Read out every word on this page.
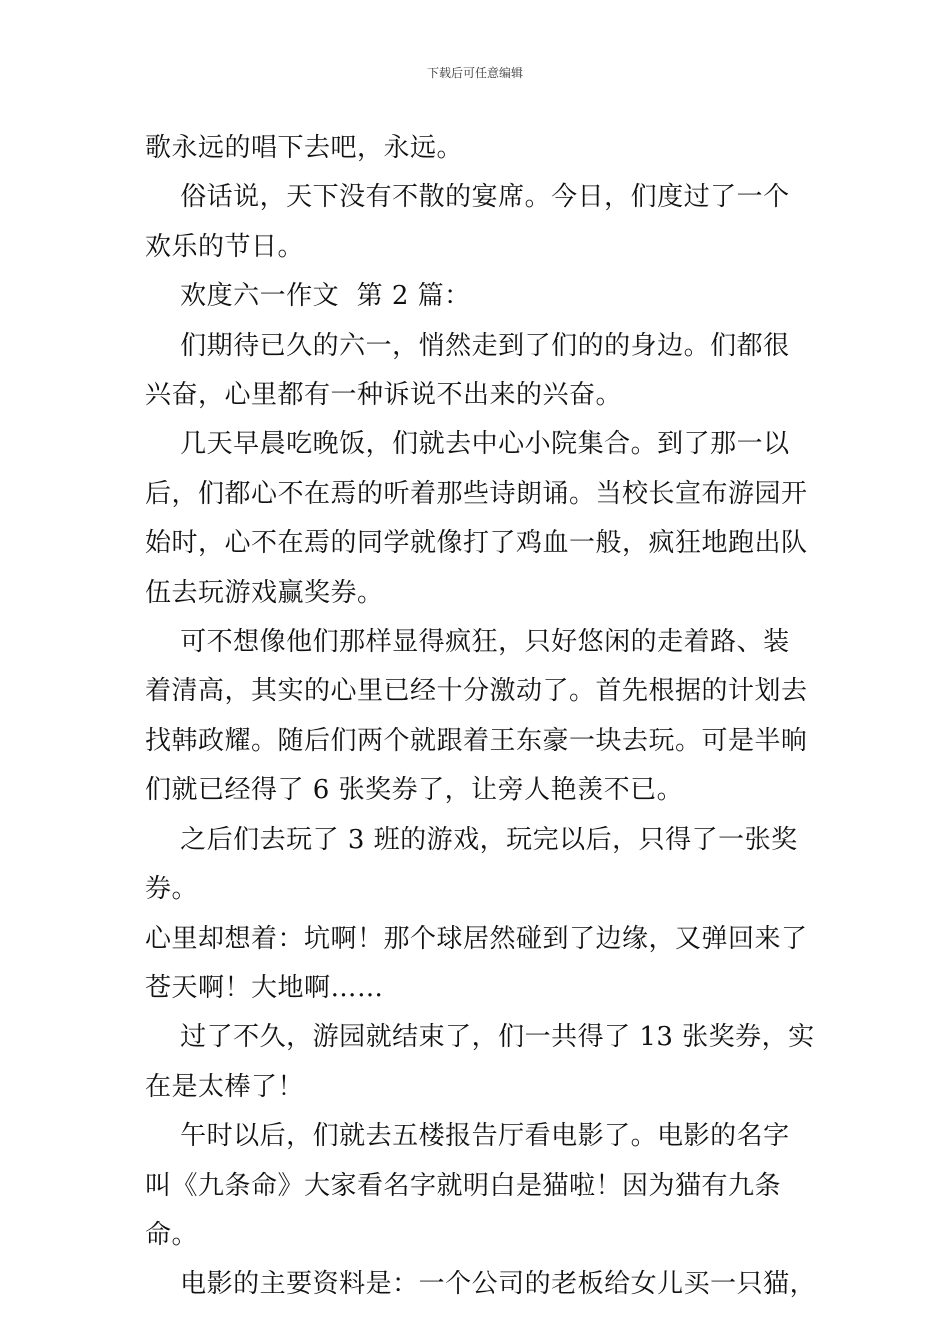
下载后可任意编辑

歌永远的唱下去吧，永远。

俗话说，天下没有不散的宴席。今日，们度过了一个
欢乐的节日。

欢度六一作文  第 2 篇：

们期待已久的六一，悄然走到了们的的身边。们都很
兴奋，心里都有一种诉说不出来的兴奋。

几天早晨吃晚饭，们就去中心小院集合。到了那一以
后，们都心不在焉的听着那些诗朗诵。当校长宣布游园开
始时，心不在焉的同学就像打了鸡血一般，疯狂地跑出队
伍去玩游戏赢奖券。

可不想像他们那样显得疯狂，只好悠闲的走着路、装
着清高，其实的心里已经十分激动了。首先根据的计划去
找韩政耀。随后们两个就跟着王东豪一块去玩。可是半晌
们就已经得了 6 张奖券了，让旁人艳羡不已。

之后们去玩了 3 班的游戏，玩完以后，只得了一张奖券。
心里却想着：坑啊！那个球居然碰到了边缘，又弹回来了
苍天啊！大地啊……

过了不久，游园就结束了，们一共得了 13 张奖券，实
在是太棒了！

午时以后，们就去五楼报告厅看电影了。电影的名字
叫《九条命》大家看名字就明白是猫啦！因为猫有九条命。

电影的主要资料是：一个公司的老板给女儿买一只猫，
